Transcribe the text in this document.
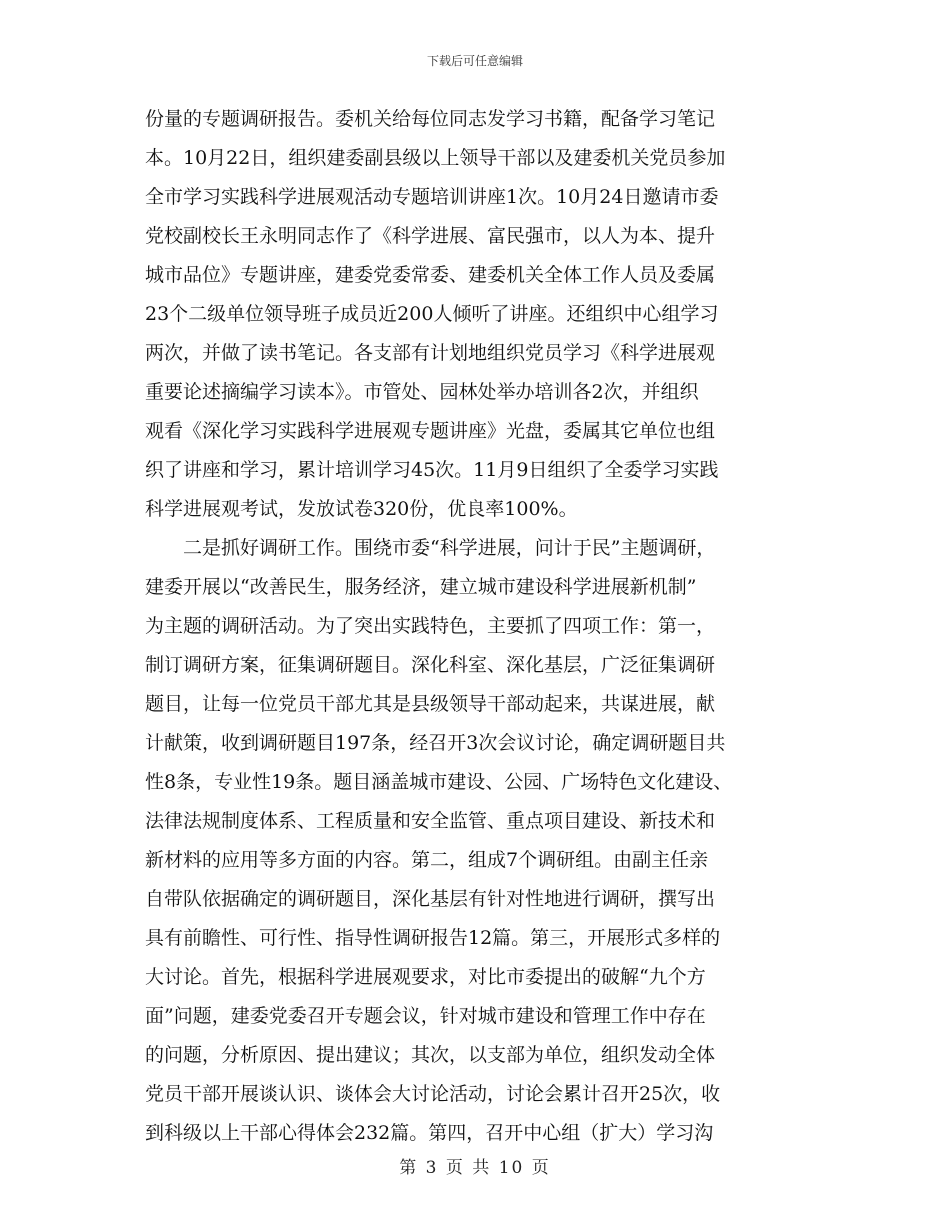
下载后可任意编辑
份量的专题调研报告。委机关给每位同志发学习书籍，配备学习笔记
本。10月22日，组织建委副县级以上领导干部以及建委机关党员参加
全市学习实践科学进展观活动专题培训讲座1次。10月24日邀请市委
党校副校长王永明同志作了《科学进展、富民强市，以人为本、提升
城市品位》专题讲座，建委党委常委、建委机关全体工作人员及委属
23个二级单位领导班子成员近200人倾听了讲座。还组织中心组学习
两次，并做了读书笔记。各支部有计划地组织党员学习《科学进展观
重要论述摘编学习读本》。市管处、园林处举办培训各2次，并组织
观看《深化学习实践科学进展观专题讲座》光盘，委属其它单位也组
织了讲座和学习，累计培训学习45次。11月9日组织了全委学习实践
科学进展观考试，发放试卷320份，优良率100%。
　　二是抓好调研工作。围绕市委“科学进展，问计于民”主题调研，
建委开展以“改善民生，服务经济，建立城市建设科学进展新机制”
为主题的调研活动。为了突出实践特色，主要抓了四项工作：第一，
制订调研方案，征集调研题目。深化科室、深化基层，广泛征集调研
题目，让每一位党员干部尤其是县级领导干部动起来，共谋进展，献
计献策，收到调研题目197条，经召开3次会议讨论，确定调研题目共
性8条，专业性19条。题目涵盖城市建设、公园、广场特色文化建设、
法律法规制度体系、工程质量和安全监管、重点项目建设、新技术和
新材料的应用等多方面的内容。第二，组成7个调研组。由副主任亲
自带队依据确定的调研题目，深化基层有针对性地进行调研，撰写出
具有前瞻性、可行性、指导性调研报告12篇。第三，开展形式多样的
大讨论。首先，根据科学进展观要求，对比市委提出的破解“九个方
面”问题，建委党委召开专题会议，针对城市建设和管理工作中存在
的问题，分析原因、提出建议；其次，以支部为单位，组织发动全体
党员干部开展谈认识、谈体会大讨论活动，讨论会累计召开25次，收
到科级以上干部心得体会232篇。第四，召开中心组（扩大）学习沟
第 3 页 共 10 页
